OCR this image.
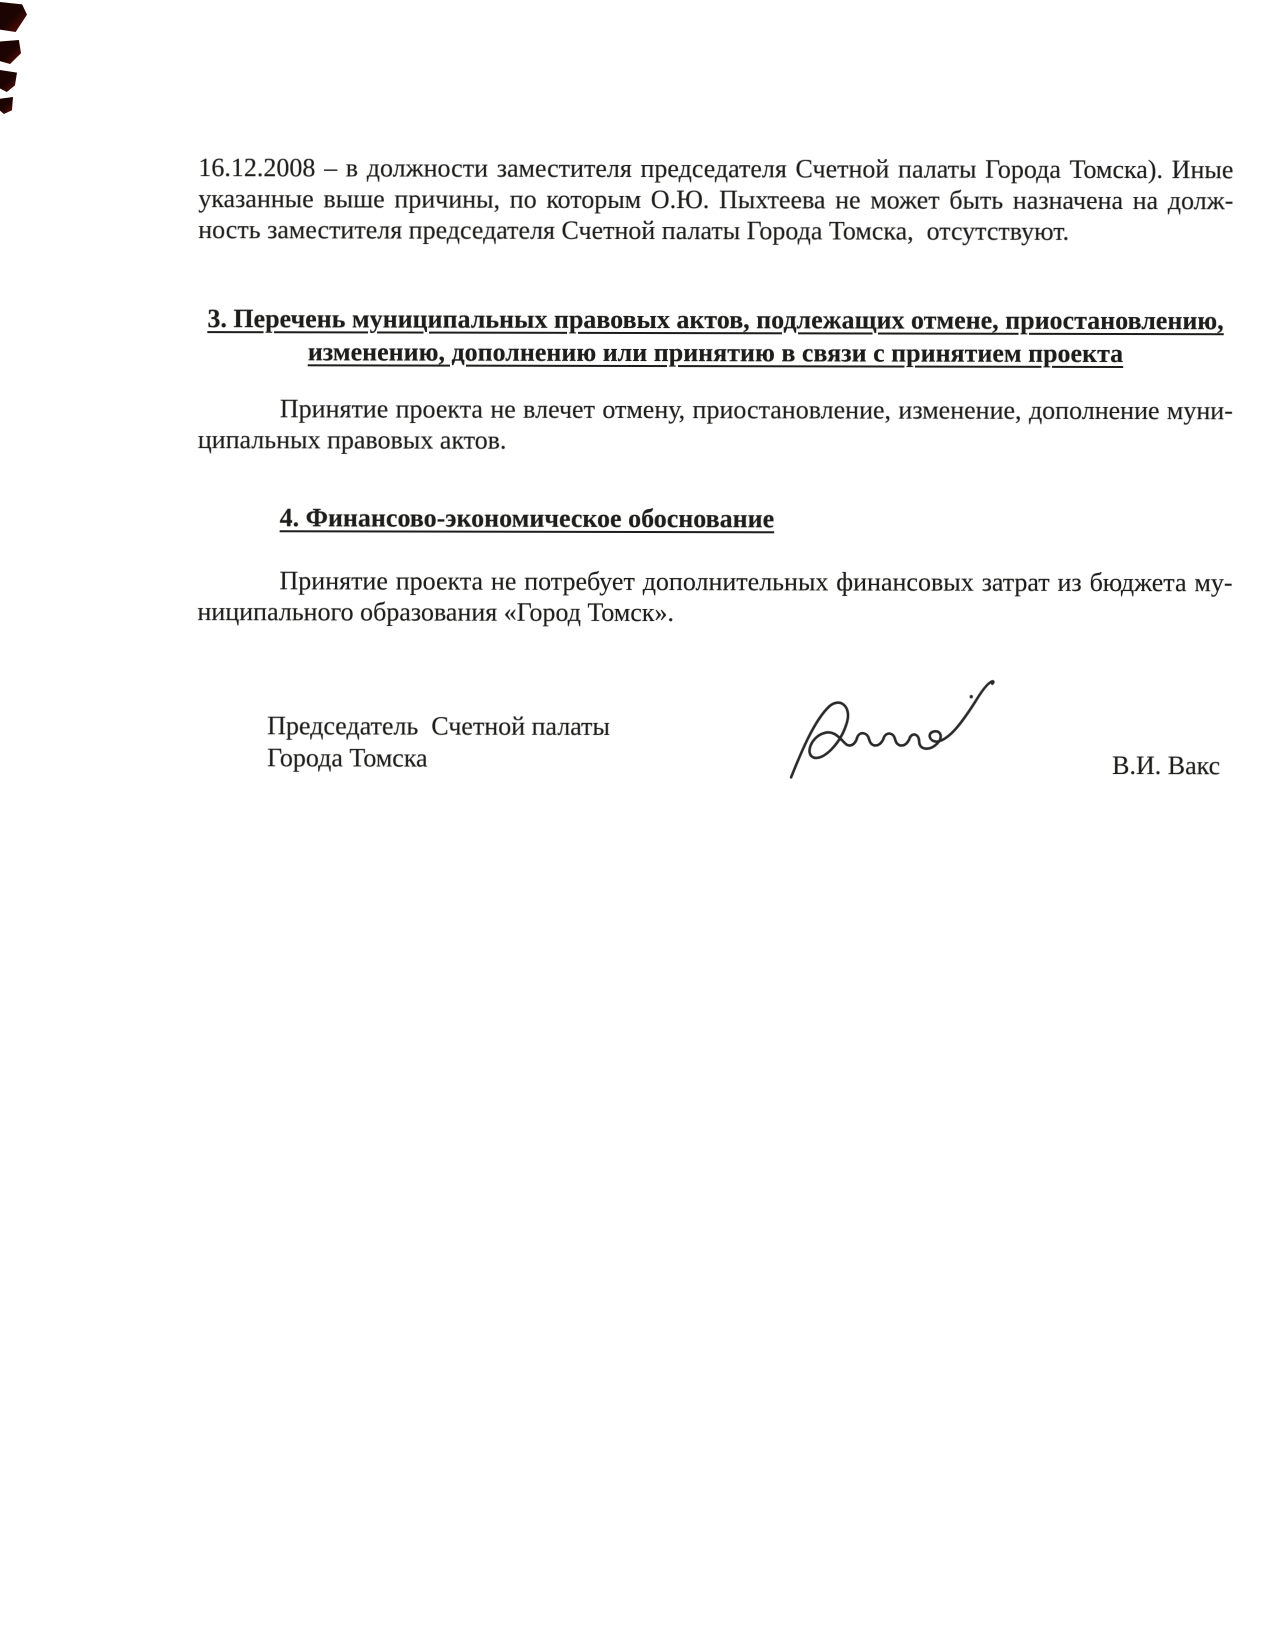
16.12.2008 – в должности заместителя председателя Счетной палаты Города Томска). Иные
указанные выше причины, по которым О.Ю. Пыхтеева не может быть назначена на долж-
ность заместителя председателя Счетной палаты Города Томска,  отсутствуют.
3. Перечень муниципальных правовых актов, подлежащих отмене, приостановлению,
изменению, дополнению или принятию в связи с принятием проекта
Принятие проекта не влечет отмену, приостановление, изменение, дополнение муни-
ципальных правовых актов.
4. Финансово-экономическое обоснование
Принятие проекта не потребует дополнительных финансовых затрат из бюджета му-
ниципального образования «Город Томск».
Председатель  Счетной палаты
Города Томска	В.И. Вакс
